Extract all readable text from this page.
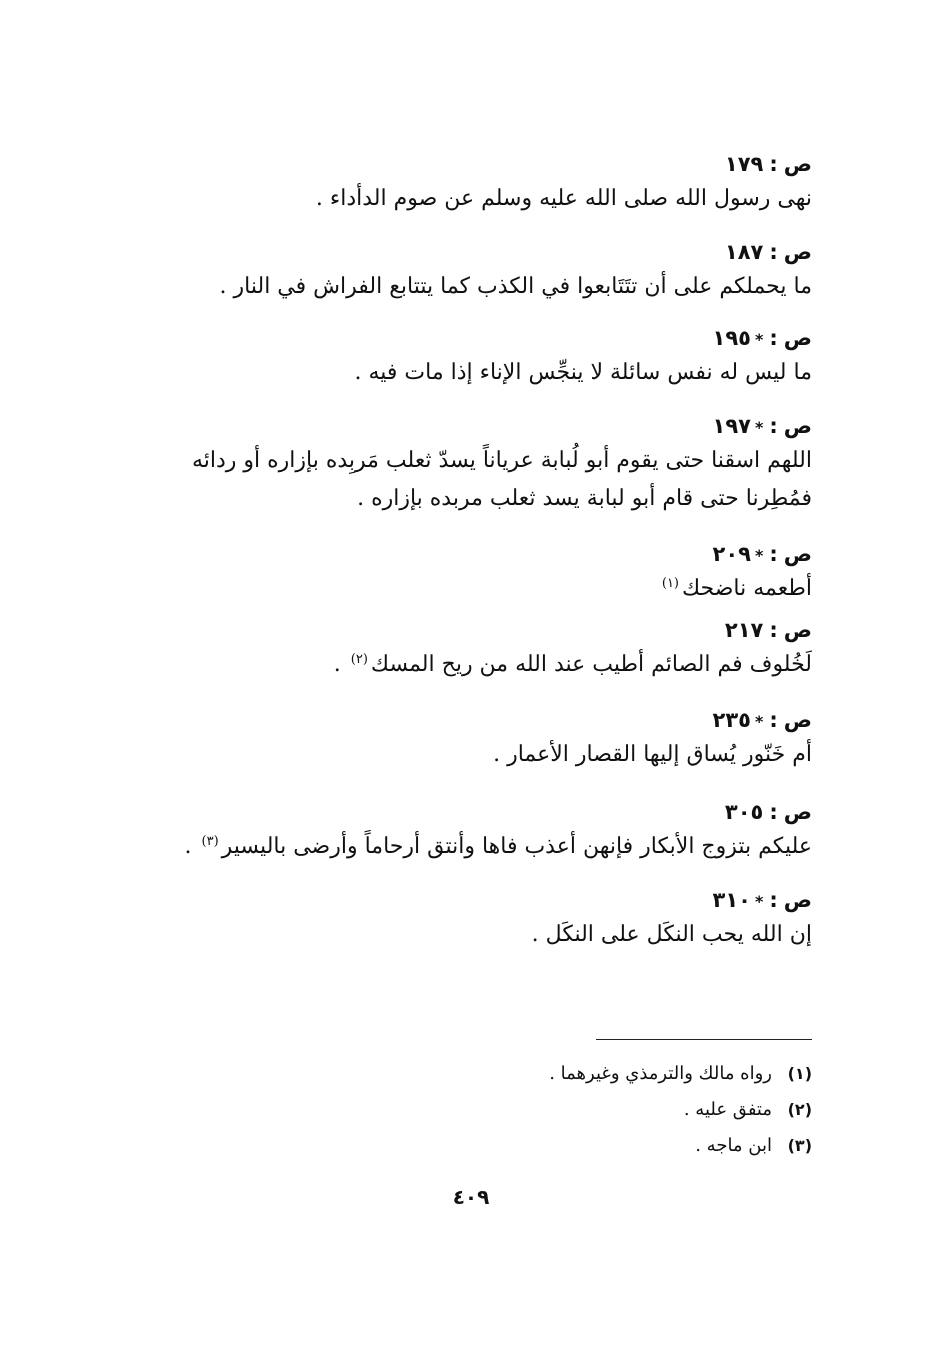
ص:١٧٩
نهى رسول الله صلى الله عليه وسلم عن صوم الدأداء .
ص:١٨٧
ما يحملكم على أن تتَتَابعوا في الكذب كما يتتابع الفراش في النار .
ص:*١٩٥
ما ليس له نفس سائلة لا ينجِّس الإناء إذا مات فيه .
ص:*١٩٧
اللهم اسقنا حتى يقوم أبو لُبابة عرياناً يسدّ ثعلب مَربِده بإزاره أو ردائه
فمُطِرنا حتى قام أبو لبابة يسد ثعلب مربده بإزاره .
ص:*٢٠٩
أطعمه ناضحك$^{(١)}$
ص:٢١٧
لَخُلوف فم الصائم أطيب عند الله من ريح المسك$^{(٢)}$ .
ص:*٢٣٥
أم خَنّور يُساق إليها القصار الأعمار .
ص:٣٠٥
عليكم بتزوج الأبكار فإنهن أعذب فاها وأنتق أرحاماً وأرضى باليسير$^{(٣)}$ .
ص:*٣١٠
إن الله يحب النكَل على النكَل .
(١)رواه مالك والترمذي وغيرهما .
(٢)متفق عليه .
(٣)ابن ماجه .
٤٠٩
